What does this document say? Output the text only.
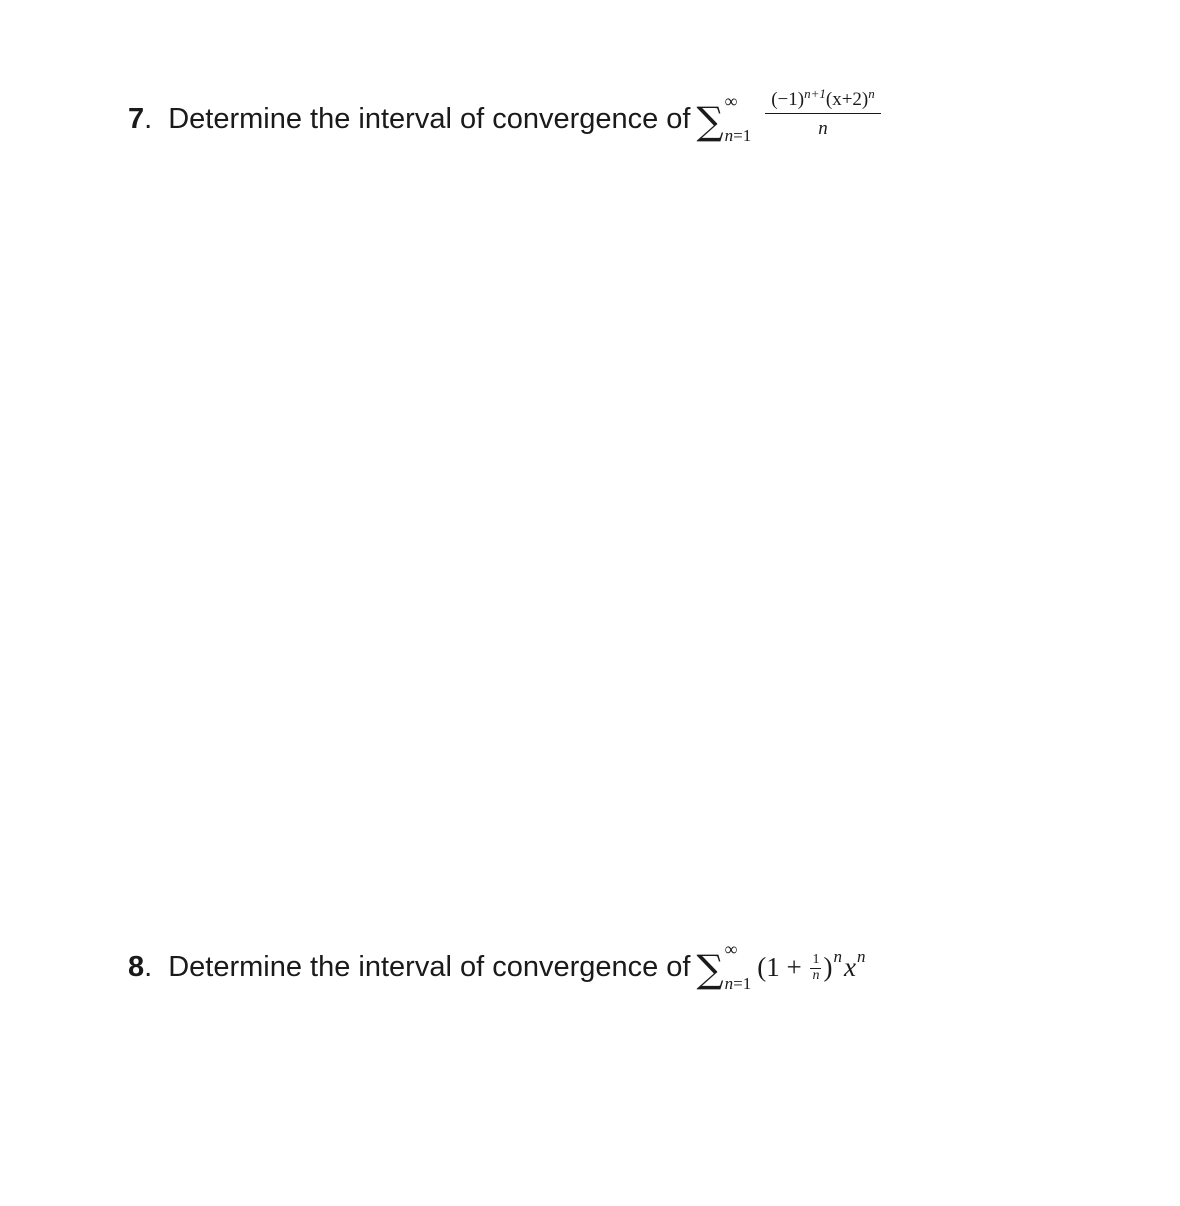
7 . Determine the interval of convergence of ∑ ∞
$n=1 \frac{(-1)^{n+1}(x+2)^n}{n}$
8 . Determine the interval of convergence of ∑ ∞
n=1
($1 + \frac{1}{n}$ ) n x n
